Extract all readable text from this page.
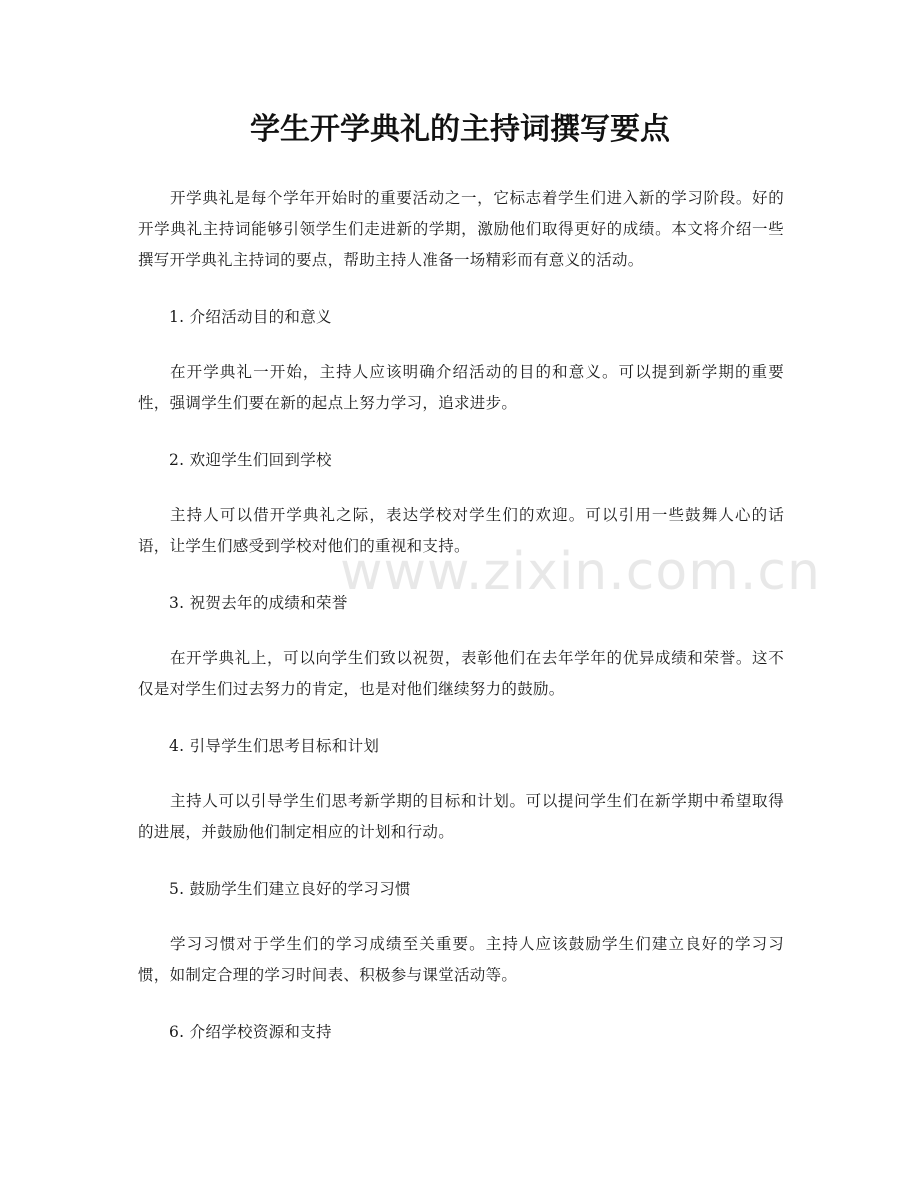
学生开学典礼的主持词撰写要点

开学典礼是每个学年开始时的重要活动之一，它标志着学生们进入新的学习阶段。好的开学典礼主持词能够引领学生们走进新的学期，激励他们取得更好的成绩。本文将介绍一些撰写开学典礼主持词的要点，帮助主持人准备一场精彩而有意义的活动。

1. 介绍活动目的和意义

在开学典礼一开始，主持人应该明确介绍活动的目的和意义。可以提到新学期的重要性，强调学生们要在新的起点上努力学习，追求进步。

2. 欢迎学生们回到学校

主持人可以借开学典礼之际，表达学校对学生们的欢迎。可以引用一些鼓舞人心的话语，让学生们感受到学校对他们的重视和支持。

3. 祝贺去年的成绩和荣誉

在开学典礼上，可以向学生们致以祝贺，表彰他们在去年学年的优异成绩和荣誉。这不仅是对学生们过去努力的肯定，也是对他们继续努力的鼓励。

4. 引导学生们思考目标和计划

主持人可以引导学生们思考新学期的目标和计划。可以提问学生们在新学期中希望取得的进展，并鼓励他们制定相应的计划和行动。

5. 鼓励学生们建立良好的学习习惯

学习习惯对于学生们的学习成绩至关重要。主持人应该鼓励学生们建立良好的学习习惯，如制定合理的学习时间表、积极参与课堂活动等。

6. 介绍学校资源和支持

www.zixin.com.cn
